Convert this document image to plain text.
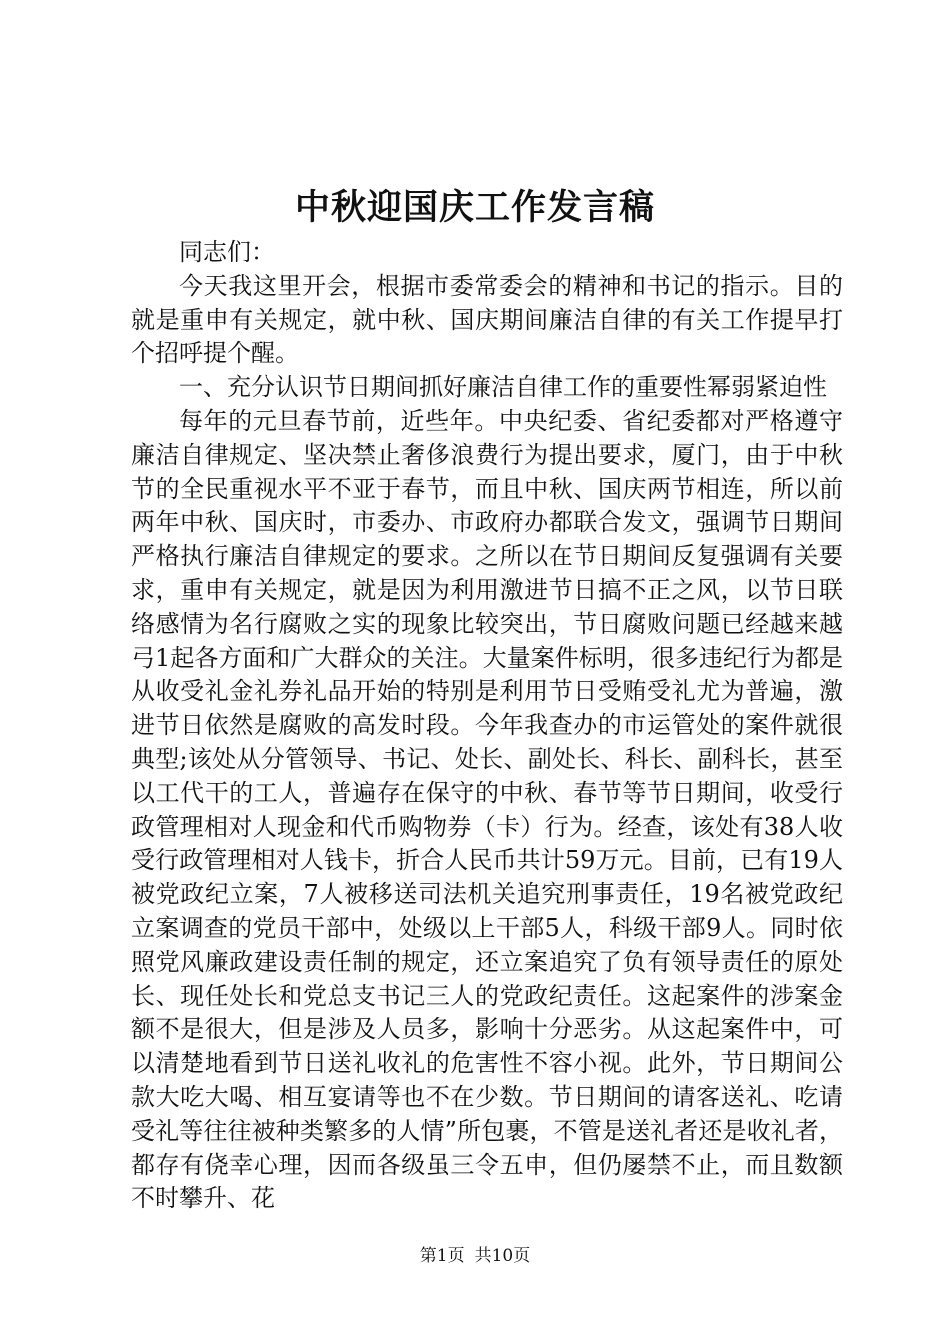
中秋迎国庆工作发言稿

同志们：

今天我这里开会，根据市委常委会的精神和书记的指示。目的就是重申有关规定，就中秋、国庆期间廉洁自律的有关工作提早打个招呼提个醒。

一、充分认识节日期间抓好廉洁自律工作的重要性幂弱紧迫性

每年的元旦春节前，近些年。中央纪委、省纪委都对严格遵守廉洁自律规定、坚决禁止奢侈浪费行为提出要求，厦门，由于中秋节的全民重视水平不亚于春节，而且中秋、国庆两节相连，所以前两年中秋、国庆时，市委办、市政府办都联合发文，强调节日期间严格执行廉洁自律规定的要求。之所以在节日期间反复强调有关要求，重申有关规定，就是因为利用激进节日搞不正之风，以节日联络感情为名行腐败之实的现象比较突出，节日腐败问题已经越来越弓1起各方面和广大群众的关注。大量案件标明，很多违纪行为都是从收受礼金礼券礼品开始的特别是利用节日受贿受礼尤为普遍，激进节日依然是腐败的高发时段。今年我查办的市运管处的案件就很典型;该处从分管领导、书记、处长、副处长、科长、副科长，甚至以工代干的工人，普遍存在保守的中秋、春节等节日期间，收受行政管理相对人现金和代币购物券（卡）行为。经查，该处有38人收受行政管理相对人钱卡，折合人民币共计59万元。目前，已有19人被党政纪立案，7人被移送司法机关追究刑事责任，19名被党政纪立案调查的党员干部中，处级以上干部5人，科级干部9人。同时依照党风廉政建设责任制的规定，还立案追究了负有领导责任的原处长、现任处长和党总支书记三人的党政纪责任。这起案件的涉案金额不是很大，但是涉及人员多，影响十分恶劣。从这起案件中，可以清楚地看到节日送礼收礼的危害性不容小视。此外，节日期间公款大吃大喝、相互宴请等也不在少数。节日期间的请客送礼、吃请受礼等往往被种类繁多的人情”所包裹，不管是送礼者还是收礼者，都存有侥幸心理，因而各级虽三令五申，但仍屡禁不止，而且数额不时攀升、花

第1页 共10页
